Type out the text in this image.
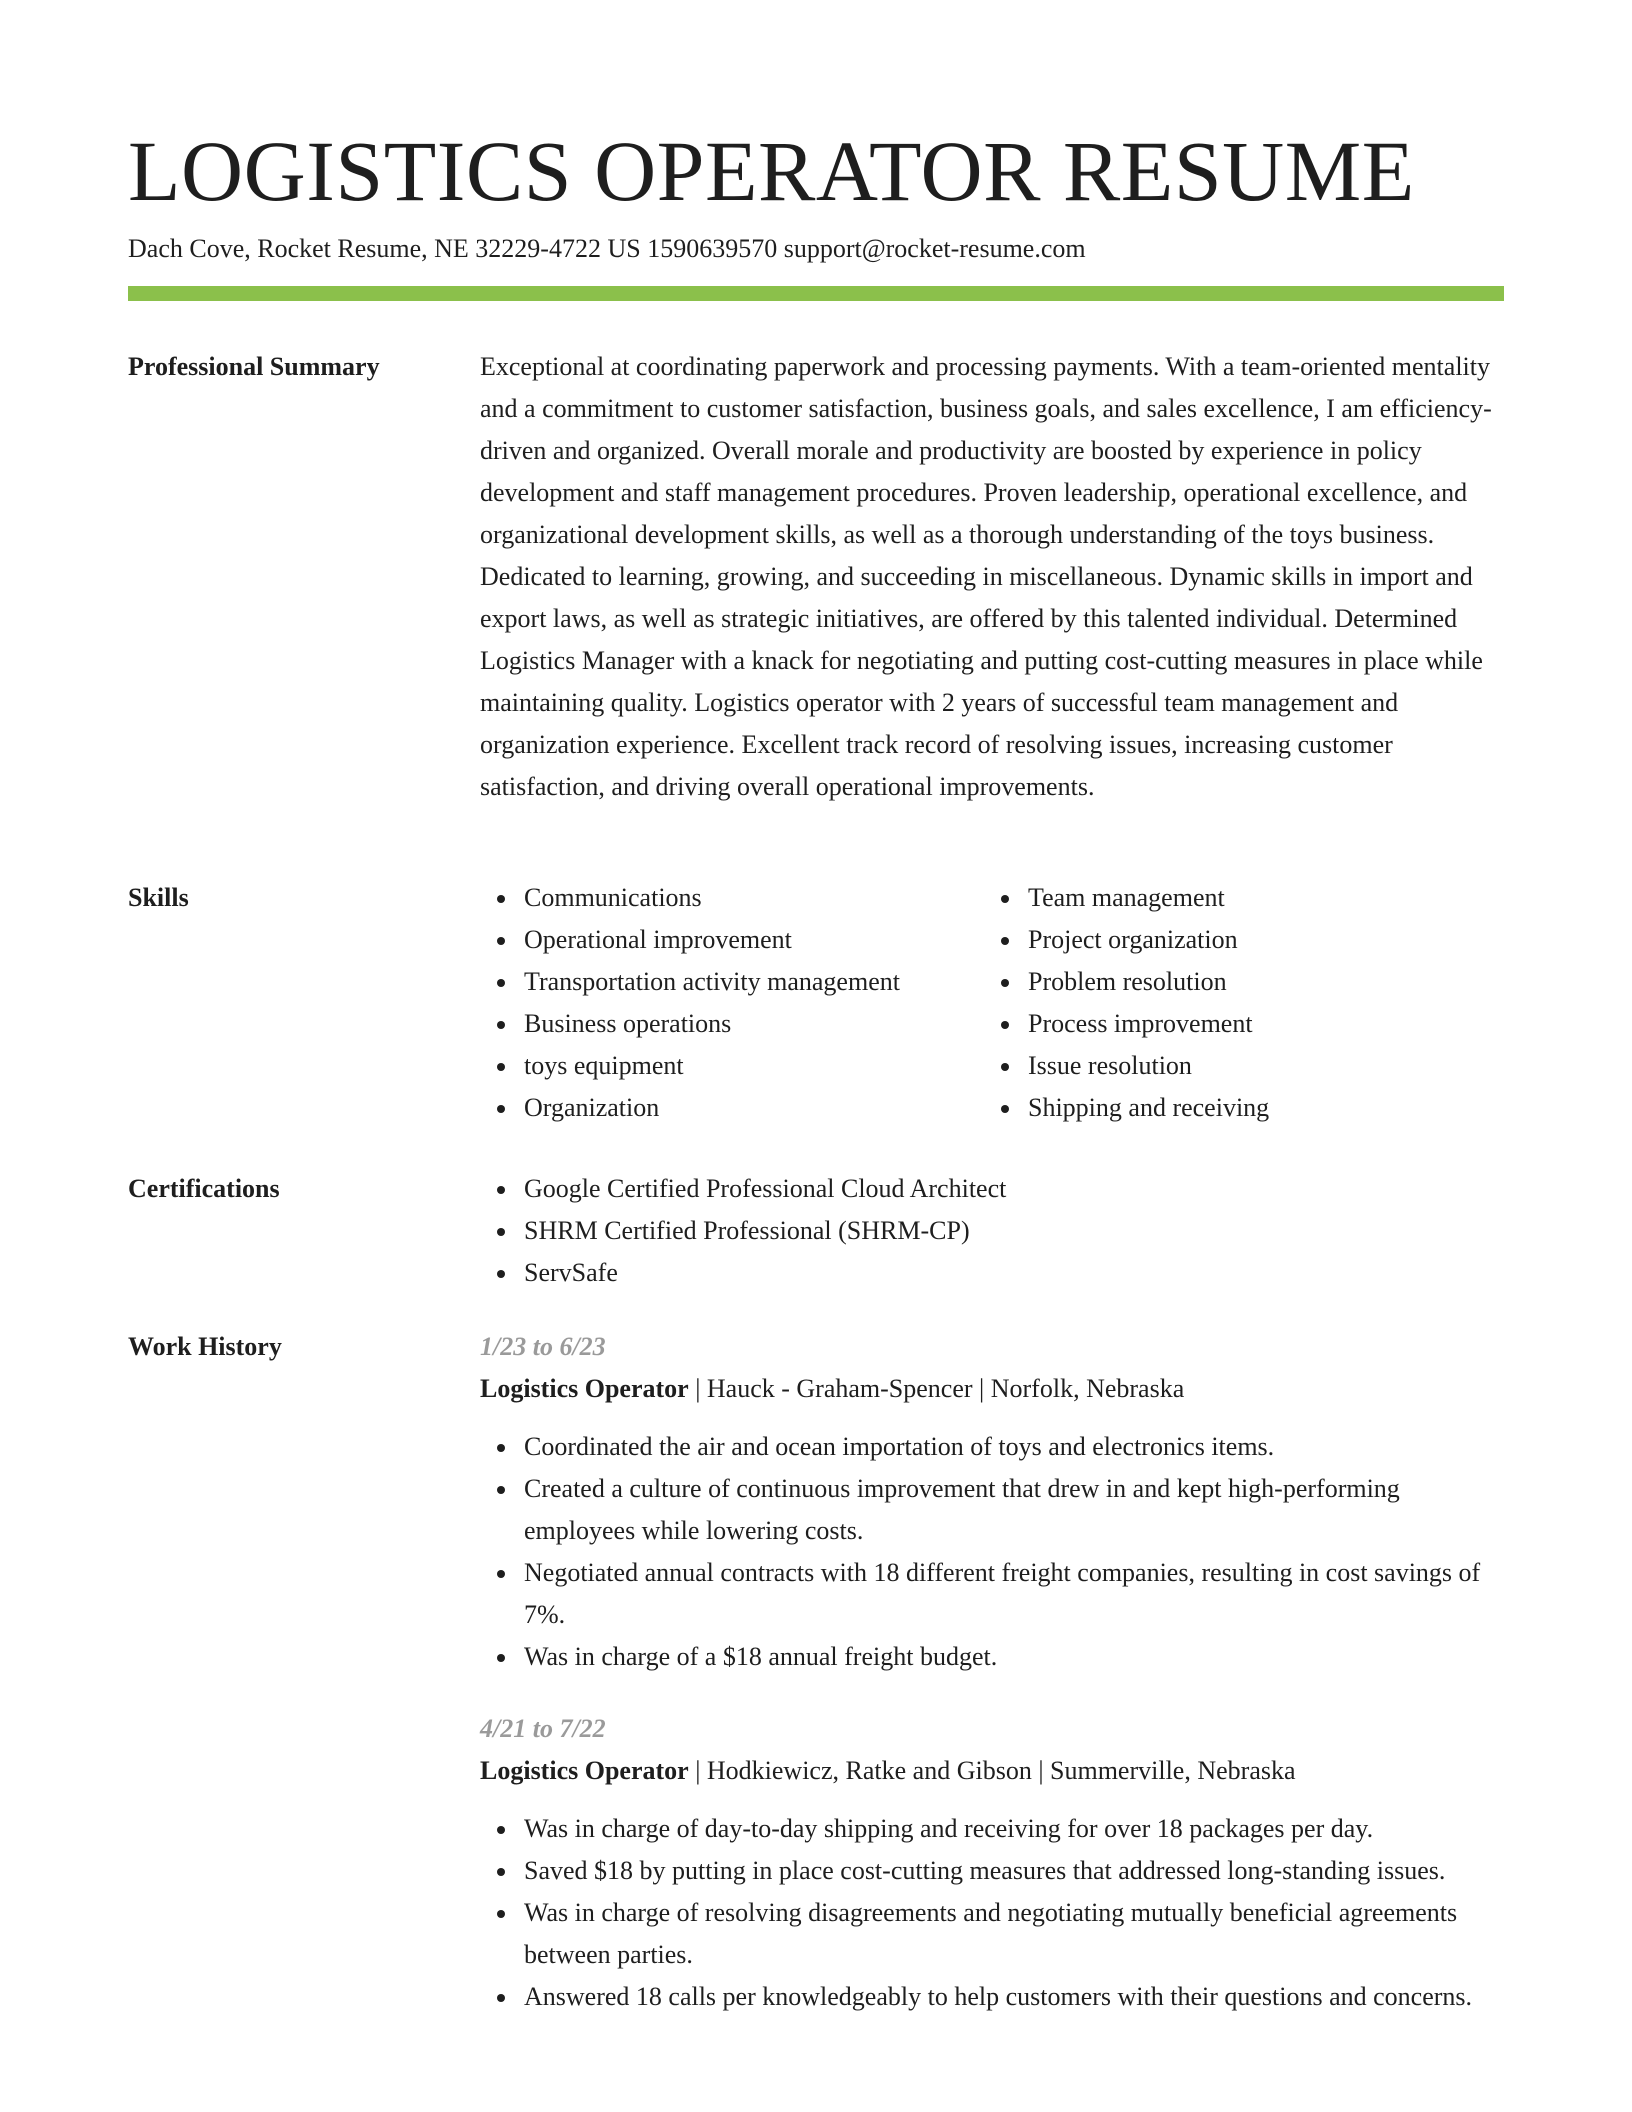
LOGISTICS OPERATOR RESUME
Dach Cove, Rocket Resume, NE 32229-4722 US 1590639570 support@rocket-resume.com
Professional Summary	Exceptional at coordinating paperwork and processing payments. With a team-oriented mentality and a commitment to customer satisfaction, business goals, and sales excellence, I am efficiency-driven and organized. Overall morale and productivity are boosted by experience in policy development and staff management procedures. Proven leadership, operational excellence, and organizational development skills, as well as a thorough understanding of the toys business. Dedicated to learning, growing, and succeeding in miscellaneous. Dynamic skills in import and export laws, as well as strategic initiatives, are offered by this talented individual. Determined Logistics Manager with a knack for negotiating and putting cost-cutting measures in place while maintaining quality. Logistics operator with 2 years of successful team management and organization experience. Excellent track record of resolving issues, increasing customer satisfaction, and driving overall operational improvements.

Skills	Communications
Operational improvement
Transportation activity management
Business operations
toys equipment
Organization
Team management
Project organization
Problem resolution
Process improvement
Issue resolution
Shipping and receiving
Certifications	Google Certified Professional Cloud Architect
SHRM Certified Professional (SHRM-CP)
ServSafe
Work History	1/23 to 6/23
Logistics Operator | Hauck - Graham-Spencer | Norfolk, Nebraska
Coordinated the air and ocean importation of toys and electronics items.
Created a culture of continuous improvement that drew in and kept high-performing employees while lowering costs.
Negotiated annual contracts with 18 different freight companies, resulting in cost savings of 7%.
Was in charge of a $18 annual freight budget.
4/21 to 7/22
Logistics Operator | Hodkiewicz, Ratke and Gibson | Summerville, Nebraska
Was in charge of day-to-day shipping and receiving for over 18 packages per day.
Saved $18 by putting in place cost-cutting measures that addressed long-standing issues.
Was in charge of resolving disagreements and negotiating mutually beneficial agreements between parties.
Answered 18 calls per knowledgeably to help customers with their questions and concerns.
